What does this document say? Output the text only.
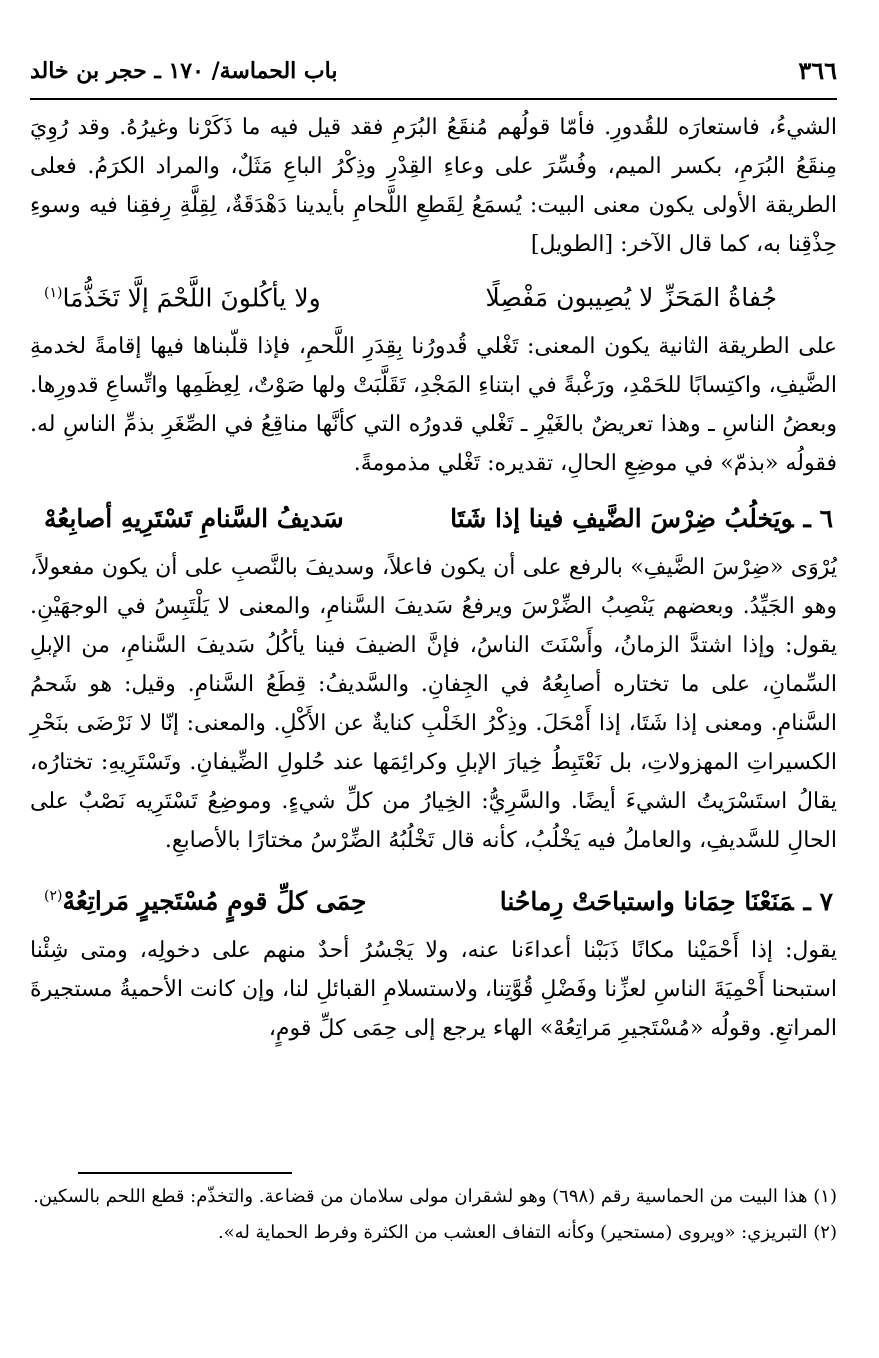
٣٦٦
باب الحماسة/ ١٧٠ ـ حجر بن خالد

الشيءُ، فاستعارَه للقُدورِ. فأمّا قولُهم مُنقَعُ البُرَمِ فقد قيل فيه ما ذَكَرْنا وغيرُهُ. وقد رُوِيَ مِنقَعُ البُرَمِ، بكسر الميم، وفُسِّرَ على وعاءِ القِدْرِ وذِكْرُ الباعِ مَثَلٌ، والمراد الكرَمُ. فعلى الطريقة الأولى يكون معنى البيت: يُسمَعُ لِقَطعِ اللَّحامِ بأيدينا دَهْدَقَةٌ، لِقِلَّةِ رِفقِنا فيه وسوءِ حِذْقِنا به، كما قال الآخر: [الطويل]

جُفاةُ المَحَزِّ لا يُصِيبون مَفْصِلًا
ولا يأكُلونَ اللَّحْمَ إلَّا تَخَذُّمَا$^{(١)}$

على الطريقة الثانية يكون المعنى: تَغْلي قُدورُنا بِقِدَرِ اللَّحمِ، فإذا قلّبناها فيها إقامةً لخدمةِ الضَّيفِ، واكتِسابًا للحَمْدِ، ورَغْبةً في ابتناءِ المَجْدِ، تَقَلَّبَتْ ولها صَوْتٌ، لِعِظَمِها واتِّساعِ قدورِها. وبعضُ الناسِ ـ وهذا تعريضٌ بالغَيْرِ ـ تَغْلي قدورُه التي كأنَّها مناقِعُ في الصِّغَرِ بذمِّ الناسِ له. فقولُه «بذمّ» في موضِعِ الحالِ، تقديره: تَغْلي مذمومةً.

٦ ـويَخلُبُ ضِرْسَ الضَّيفِ فينا إذا شَتَا
سَديفُ السَّنامِ تَسْتَرِيهِ أصابِعُهْ

يُرْوَى «ضِرْسَ الضَّيفِ» بالرفع على أن يكون فاعلاً، وسديفَ بالنَّصبِ على أن يكون مفعولاً، وهو الجَيِّدُ. وبعضهم يَنْصِبُ الضِّرْسَ ويرفعُ سَديفَ السَّنامِ، والمعنى لا يَلْتَبِسُ في الوجهَيْنِ. يقول: وإذا اشتدَّ الزمانُ، وأَسْنَتَ الناسُ، فإنَّ الضيفَ فينا يأكُلُ سَديفَ السَّنامِ، من الإبلِ السِّمانِ، على ما تختاره أصابِعُهُ في الجِفانِ. والسَّديفُ: قِطَعُ السَّنامِ. وقيل: هو شَحمُ السَّنامِ. ومعنى إذا شَتَا، إذا أَمْحَلَ. وذِكْرُ الخَلْبِ كنايةٌ عن الأَكْلِ. والمعنى: إنّا لا نَرْضَى بنَحْرِ الكسيراتِ المهزولاتِ، بل نَعْتَبِطُ خِيارَ الإبلِ وكرائِمَها عند حُلولِ الضِّيفانِ. وتَسْتَرِيهِ: تختارُه، يقالُ استَسْرَيتُ الشيءَ أيضًا. والسَّرِيُّ: الخِيارُ من كلِّ شيءٍ. وموضِعُ تَسْتَرِيه نَصْبٌ على الحالِ للسَّديفِ، والعاملُ فيه يَخْلُبُ، كأنه قال تَخْلُبُهُ الضِّرْسُ مختارًا بالأصابعِ.

٧ ـمَنَعْنَا حِمَانا واستباحَتْ رِماحُنا
حِمَى كلِّ قومٍ مُسْتَجيرٍ مَراتِعُهْ$^{(٢)}$

يقول: إذا أَحْمَيْنا مكانًا ذَبَبْنا أعداءَنا عنه، ولا يَجْسُرُ أحدٌ منهم على دخولِه، ومتى شِئْنا استبحنا أَحْمِيَةَ الناسِ لعزِّنا وفَضْلِ قُوَّتِنا، ولاستسلامِ القبائلِ لنا، وإن كانت الأحميةُ مستجيرةَ المراتعِ. وقولُه «مُسْتَجيرِ مَراتِعُهْ» الهاء يرجع إلى حِمَى كلِّ قومٍ،

(١) هذا البيت من الحماسية رقم (٦٩٨) وهو لشقران مولى سلامان من قضاعة. والتخذّم: قطع اللحم بالسكين.

(٢) التبريزي: «ويروى (مستحير) وكأنه التفاف العشب من الكثرة وفرط الحماية له».
